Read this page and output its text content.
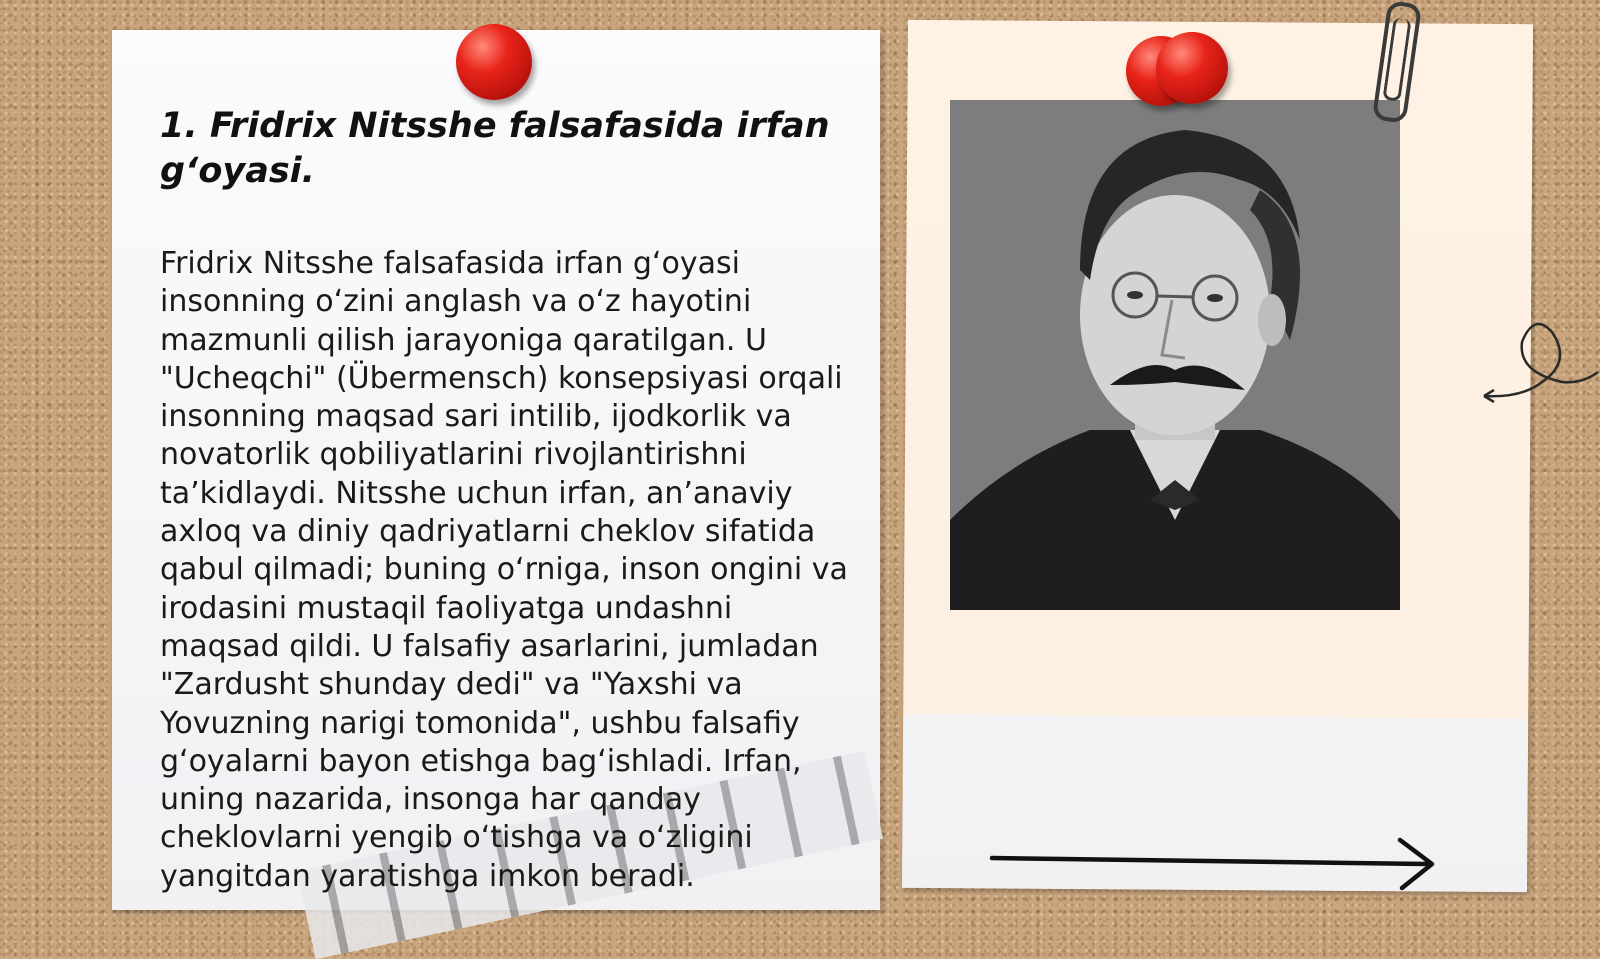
1. Fridrix Nitsshe falsafasida irfan g‘oyasi.

Fridrix Nitsshe falsafasida irfan g‘oyasi insonning o‘zini anglash va o‘z hayotini mazmunli qilish jarayoniga qaratilgan. U "Ucheqchi" (Übermensch) konsepsiyasi orqali insonning maqsad sari intilib, ijodkorlik va novatorlik qobiliyatlarini rivojlantirishni ta’kidlaydi. Nitsshe uchun irfan, an’anaviy axloq va diniy qadriyatlarni cheklov sifatida qabul qilmadi; buning o‘rniga, inson ongini va irodasini mustaqil faoliyatga undashni maqsad qildi. U falsafiy asarlarini, jumladan "Zardusht shunday dedi" va "Yaxshi va Yovuzning narigi tomonida", ushbu falsafiy g‘oyalarni bayon etishga bag‘ishladi. Irfan, uning nazarida, insonga har qanday cheklovlarni yengib o‘tishga va o‘zligini yangitdan yaratishga imkon beradi.
